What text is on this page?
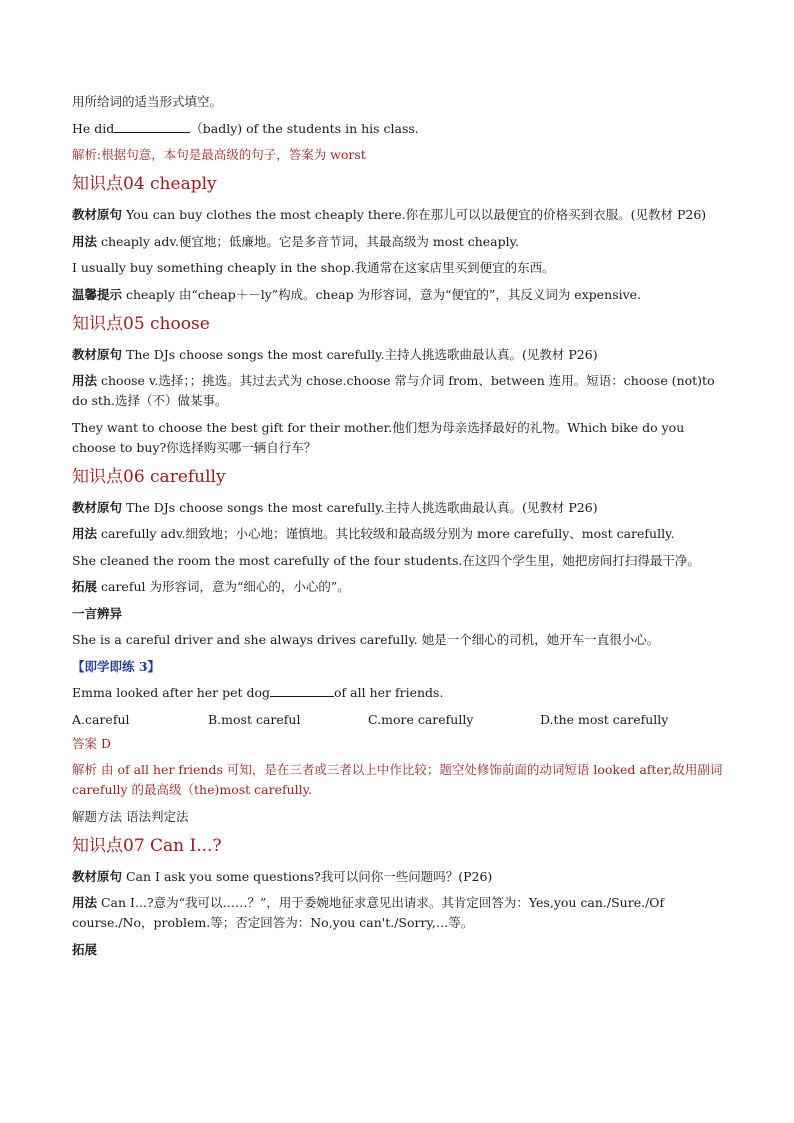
用所给词的适当形式填空。

He did	（badly) of the students in his class.

解析:根据句意，本句是最高级的句子，答案为 worst

知识点04 cheaply

教材原句 You can buy clothes the most cheaply there.你在那儿可以以最便宜的价格买到衣服。(见教材 P26)

用法 cheaply adv.便宜地；低廉地。它是多音节词，其最高级为 most cheaply.

I usually buy something cheaply in the shop.我通常在这家店里买到便宜的东西。

温馨提示 cheaply 由“cheap＋－ly”构成。cheap 为形容词，意为“便宜的”，其反义词为 expensive.

知识点05 choose

教材原句 The DJs choose songs the most carefully.主持人挑选歌曲最认真。(见教材 P26)

用法 choose v.选择；；挑选。其过去式为 chose.choose 常与介词 from、between 连用。短语：choose (not)to do sth.选择（不）做某事。

They want to choose the best gift for their mother.他们想为母亲选择最好的礼物。Which bike do you choose to buy?你选择购买哪一辆自行车？

知识点06 carefully

教材原句 The DJs choose songs the most carefully.主持人挑选歌曲最认真。(见教材 P26)

用法 carefully adv.细致地；小心地；谨慎地。其比较级和最高级分别为 more carefully、most carefully.

She cleaned the room the most carefully of the four students.在这四个学生里，她把房间打扫得最干净。

拓展 careful 为形容词，意为“细心的，小心的”。

一言辨异

She is a careful driver and she always drives carefully. 她是一个细心的司机，她开车一直很小心。

【即学即练 3】

Emma looked after her pet dog	of all her friends.

A.careful	B.most careful	C.more carefully	D.the most carefully

答案 D

解析 由 of all her friends 可知，是在三者或三者以上中作比较；题空处修饰前面的动词短语 looked after,故用副词 carefully 的最高级（the)most carefully.

解题方法 语法判定法

知识点07 Can I...?

教材原句 Can I ask you some questions?我可以问你一些问题吗？(P26)

用法 Can I...?意为“我可以……？”，用于委婉地征求意见出请求。其肯定回答为：Yes,you can./Sure./Of course./No，problem.等；否定回答为：No,you can't./Sorry,…等。

拓展
